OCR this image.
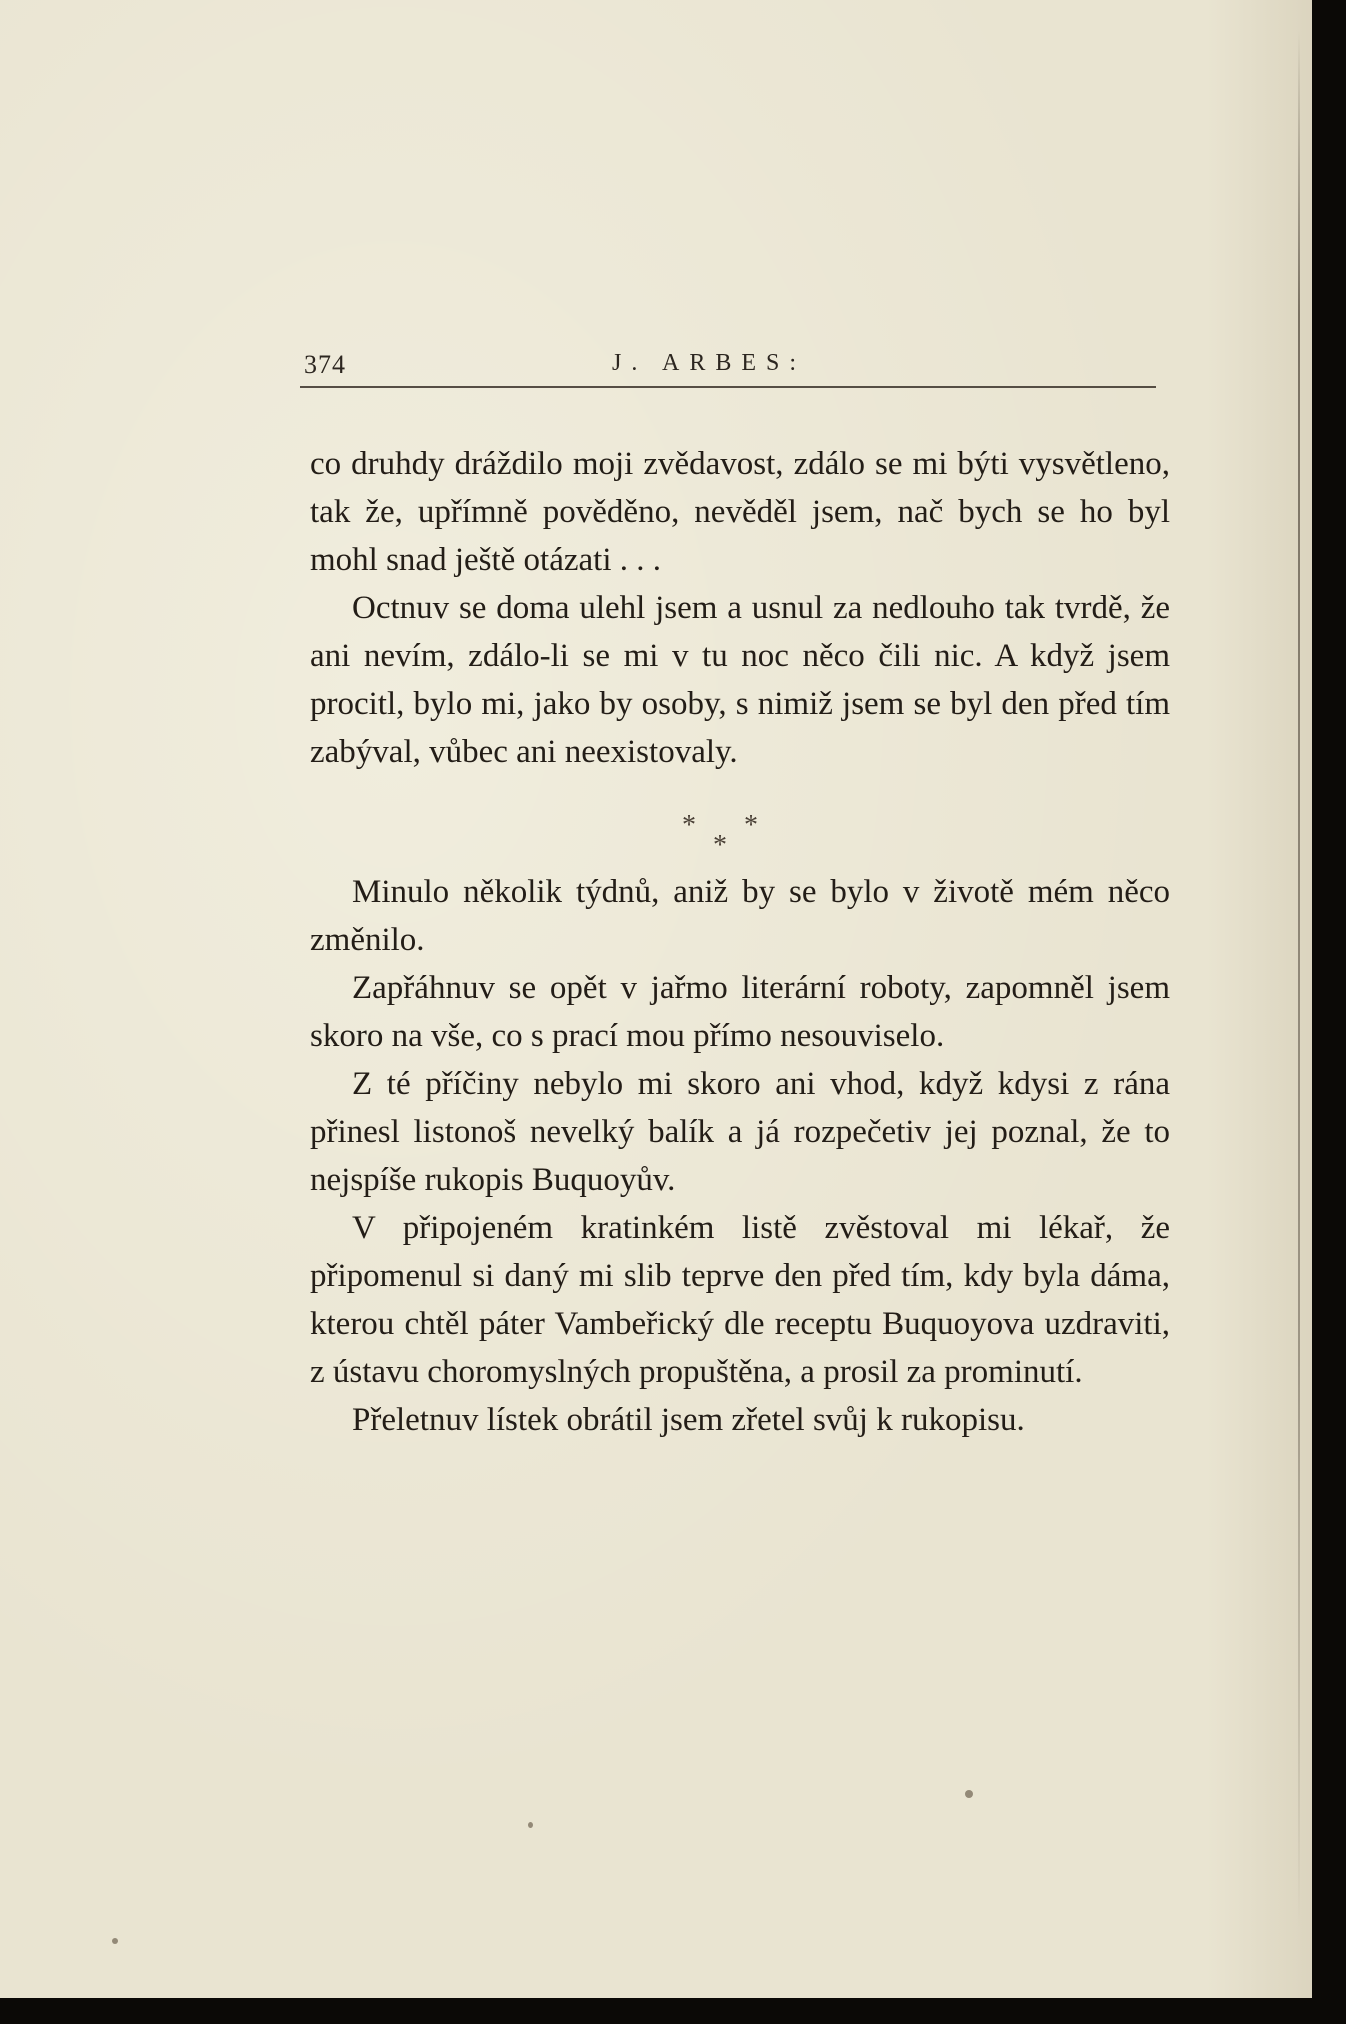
374	J. ARBES:

co druhdy dráždilo moji zvědavost, zdálo se mi býti vysvětleno, tak že, upřímně pověděno, nevěděl jsem, nač bych se ho byl mohl snad ještě otázati . . .

Octnuv se doma ulehl jsem a usnul za nedlouho tak tvrdě, že ani nevím, zdálo-li se mi v tu noc něco čili nic. A když jsem procitl, bylo mi, jako by osoby, s nimiž jsem se byl den před tím zabýval, vůbec ani neexistovaly.

* *
*

Minulo několik týdnů, aniž by se bylo v životě mém něco změnilo.

Zapřáhnuv se opět v jařmo literární roboty, zapomněl jsem skoro na vše, co s prací mou přímo nesouviselo.

Z té příčiny nebylo mi skoro ani vhod, když kdysi z rána přinesl listonoš nevelký balík a já rozpečetiv jej poznal, že to nejspíše rukopis Buquoyův.

V připojeném kratinkém listě zvěstoval mi lékař, že připomenul si daný mi slib teprve den před tím, kdy byla dáma, kterou chtěl páter Vambeřický dle receptu Buquoyova uzdraviti, z ústavu choromyslných propuštěna, a prosil za prominutí.

Přeletnuv lístek obrátil jsem zřetel svůj k rukopisu.
